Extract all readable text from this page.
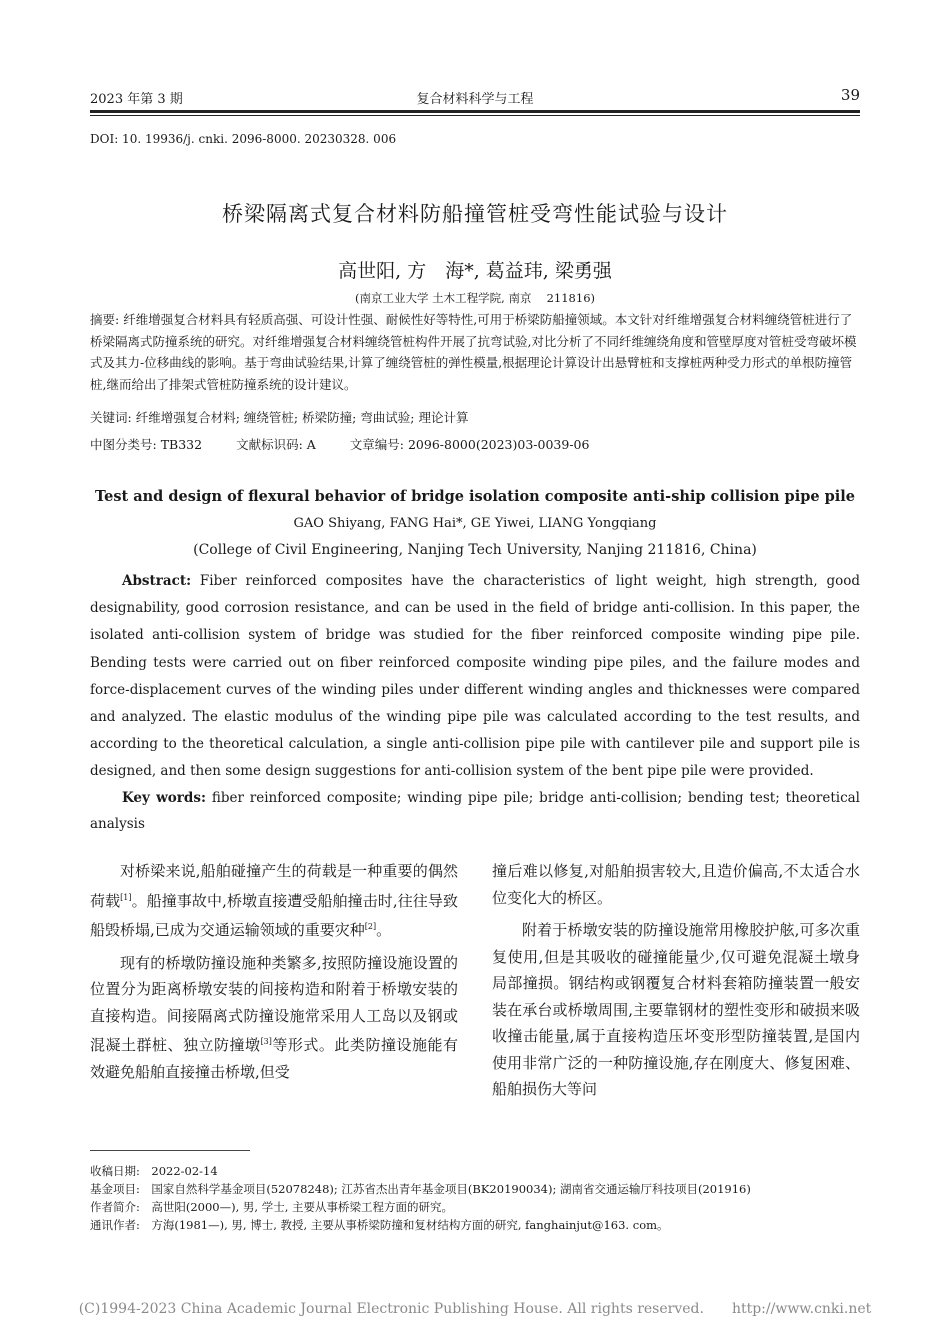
2023 年第 3 期	复合材料科学与工程	39
DOI: 10. 19936/j. cnki. 2096-8000. 20230328. 006
桥梁隔离式复合材料防船撞管桩受弯性能试验与设计
高世阳, 方　海*, 葛益玮, 梁勇强
(南京工业大学 土木工程学院, 南京　 211816)
摘要: 纤维增强复合材料具有轻质高强、可设计性强、耐候性好等特性,可用于桥梁防船撞领域。本文针对纤维增强复合材料缠绕管桩进行了桥梁隔离式防撞系统的研究。对纤维增强复合材料缠绕管桩构件开展了抗弯试验,对比分析了不同纤维缠绕角度和管壁厚度对管桩受弯破坏模式及其力-位移曲线的影响。基于弯曲试验结果,计算了缠绕管桩的弹性模量,根据理论计算设计出悬臂桩和支撑桩两种受力形式的单根防撞管桩,继而给出了排架式管桩防撞系统的设计建议。
关键词: 纤维增强复合材料; 缠绕管桩; 桥梁防撞; 弯曲试验; 理论计算
中图分类号: TB332	文献标识码: A	文章编号: 2096-8000(2023)03-0039-06
Test and design of flexural behavior of bridge isolation composite anti-ship collision pipe pile
GAO Shiyang, FANG Hai*, GE Yiwei, LIANG Yongqiang
(College of Civil Engineering, Nanjing Tech University, Nanjing 211816, China)
Abstract: Fiber reinforced composites have the characteristics of light weight, high strength, good designability, good corrosion resistance, and can be used in the field of bridge anti-collision. In this paper, the isolated anti-collision system of bridge was studied for the fiber reinforced composite winding pipe pile. Bending tests were carried out on fiber reinforced composite winding pipe piles, and the failure modes and force-displacement curves of the winding piles under different winding angles and thicknesses were compared and analyzed. The elastic modulus of the winding pipe pile was calculated according to the test results, and according to the theoretical calculation, a single anti-collision pipe pile with cantilever pile and support pile is designed, and then some design suggestions for anti-collision system of the bent pipe pile were provided.
Key words: fiber reinforced composite; winding pipe pile; bridge anti-collision; bending test; theoretical analysis

对桥梁来说,船舶碰撞产生的荷载是一种重要的偶然荷载[1]。船撞事故中,桥墩直接遭受船舶撞击时,往往导致船毁桥塌,已成为交通运输领域的重要灾种[2]。

现有的桥墩防撞设施种类繁多,按照防撞设施设置的位置分为距离桥墩安装的间接构造和附着于桥墩安装的直接构造。间接隔离式防撞设施常采用人工岛以及钢或混凝土群桩、独立防撞墩[3]等形式。此类防撞设施能有效避免船舶直接撞击桥墩,但受

撞后难以修复,对船舶损害较大,且造价偏高,不太适合水位变化大的桥区。

附着于桥墩安装的防撞设施常用橡胶护舷,可多次重复使用,但是其吸收的碰撞能量少,仅可避免混凝土墩身局部撞损。钢结构或钢覆复合材料套箱防撞装置一般安装在承台或桥墩周围,主要靠钢材的塑性变形和破损来吸收撞击能量,属于直接构造压坏变形型防撞装置,是国内使用非常广泛的一种防撞设施,存在刚度大、修复困难、船舶损伤大等问

收稿日期:　2022-02-14
基金项目:　国家自然科学基金项目(52078248); 江苏省杰出青年基金项目(BK20190034); 湖南省交通运输厅科技项目(201916)
作者简介:　高世阳(2000—), 男, 学士, 主要从事桥梁工程方面的研究。
通讯作者:　方海(1981—), 男, 博士, 教授, 主要从事桥梁防撞和复材结构方面的研究, fanghainjut@163. com。
(C)1994-2023 China Academic Journal Electronic Publishing House. All rights reserved.　　http://www.cnki.net
